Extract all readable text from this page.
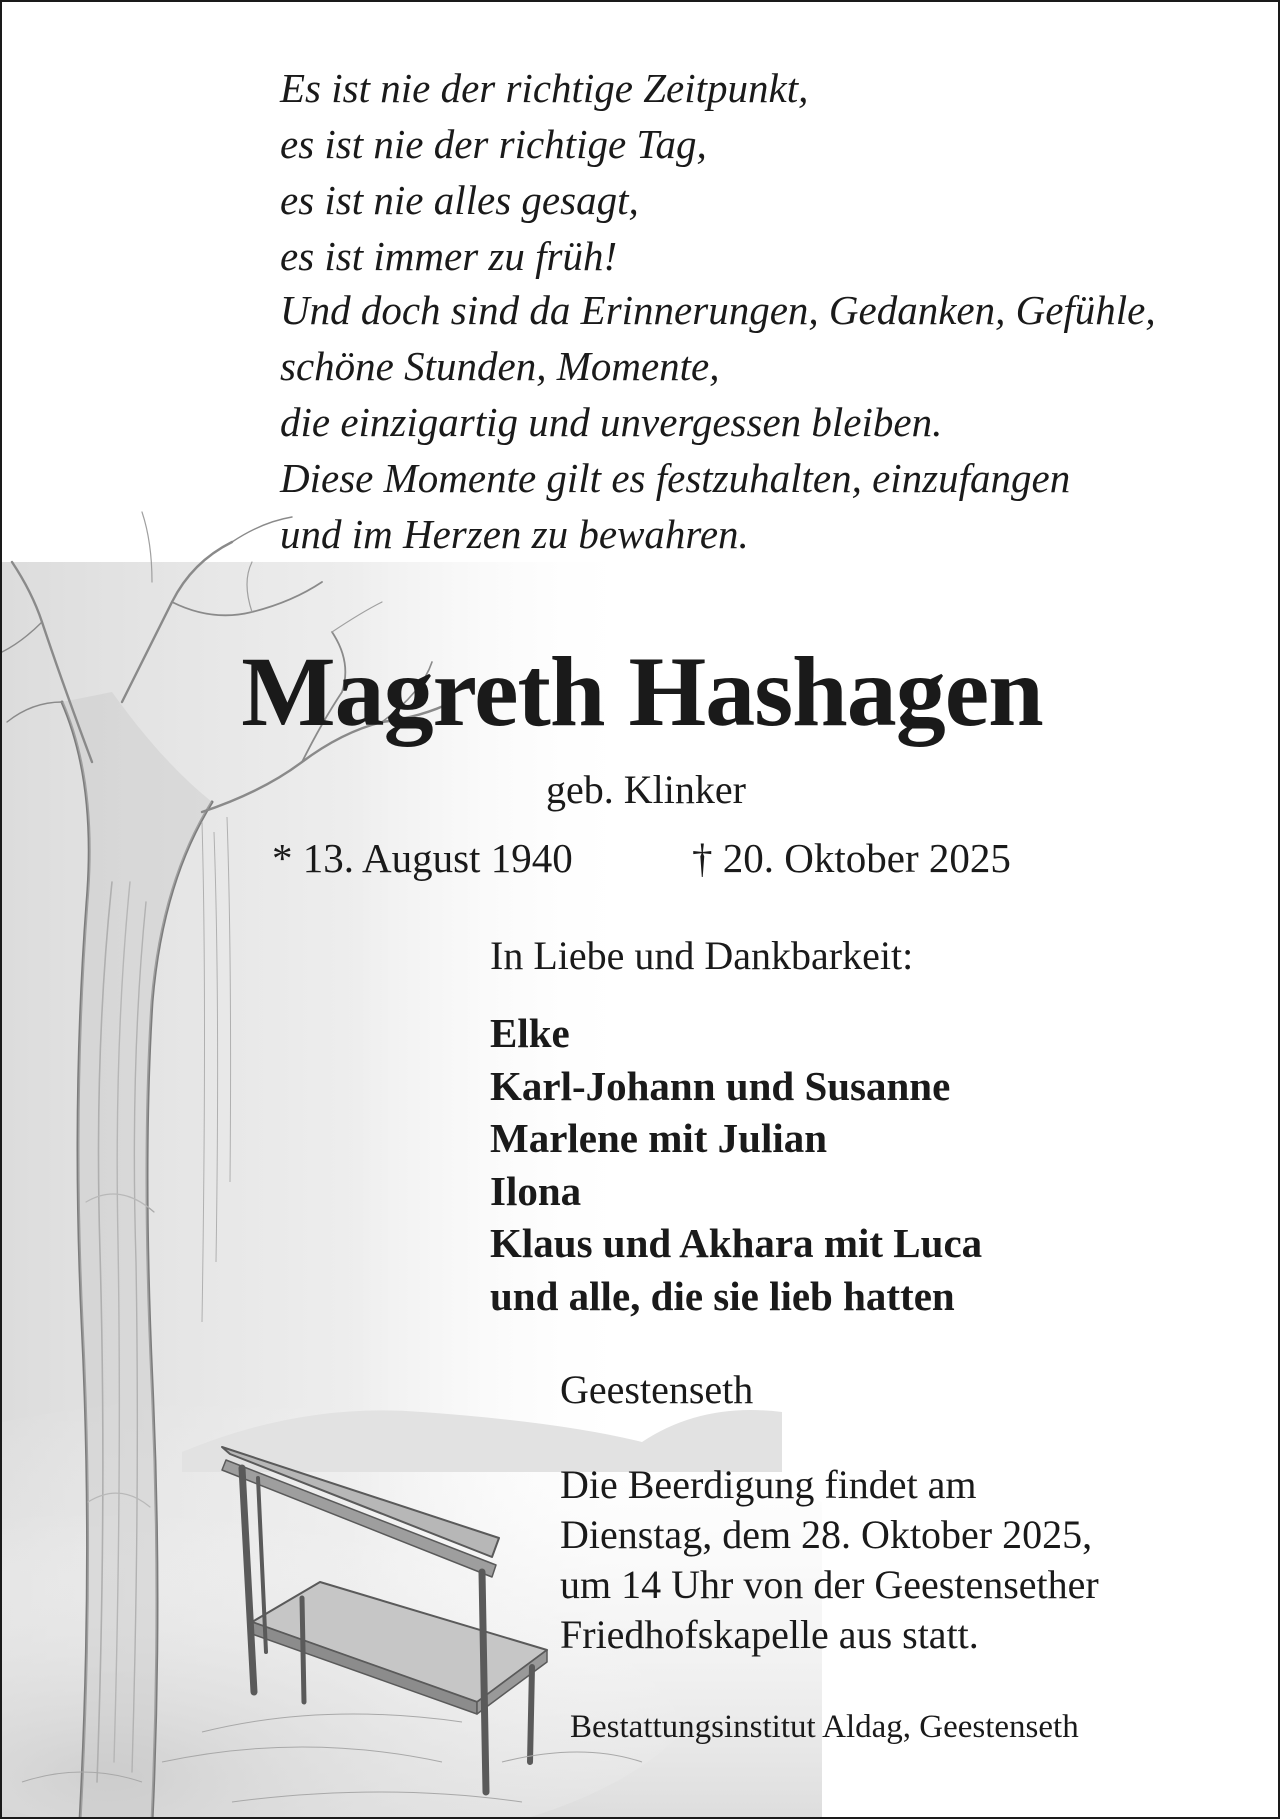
Es ist nie der richtige Zeitpunkt,

es ist nie der richtige Tag,

es ist nie alles gesagt,

es ist immer zu früh!

Und doch sind da Erinnerungen, Gedanken, Gefühle,

schöne Stunden, Momente,

die einzigartig und unvergessen bleiben.

Diese Momente gilt es festzuhalten, einzufangen

und im Herzen zu bewahren.

Magreth Hashagen
geb. Klinker
* 13. August 1940	† 20. Oktober 2025
In Liebe und Dankbarkeit:

Elke

Karl-Johann und Susanne

Marlene mit Julian

Ilona

Klaus und Akhara mit Luca

und alle, die sie lieb hatten

Geestenseth

Die Beerdigung findet am

Dienstag, dem 28. Oktober 2025,

um 14 Uhr von der Geestensether

Friedhofskapelle aus statt.

Bestattungsinstitut Aldag, Geestenseth
